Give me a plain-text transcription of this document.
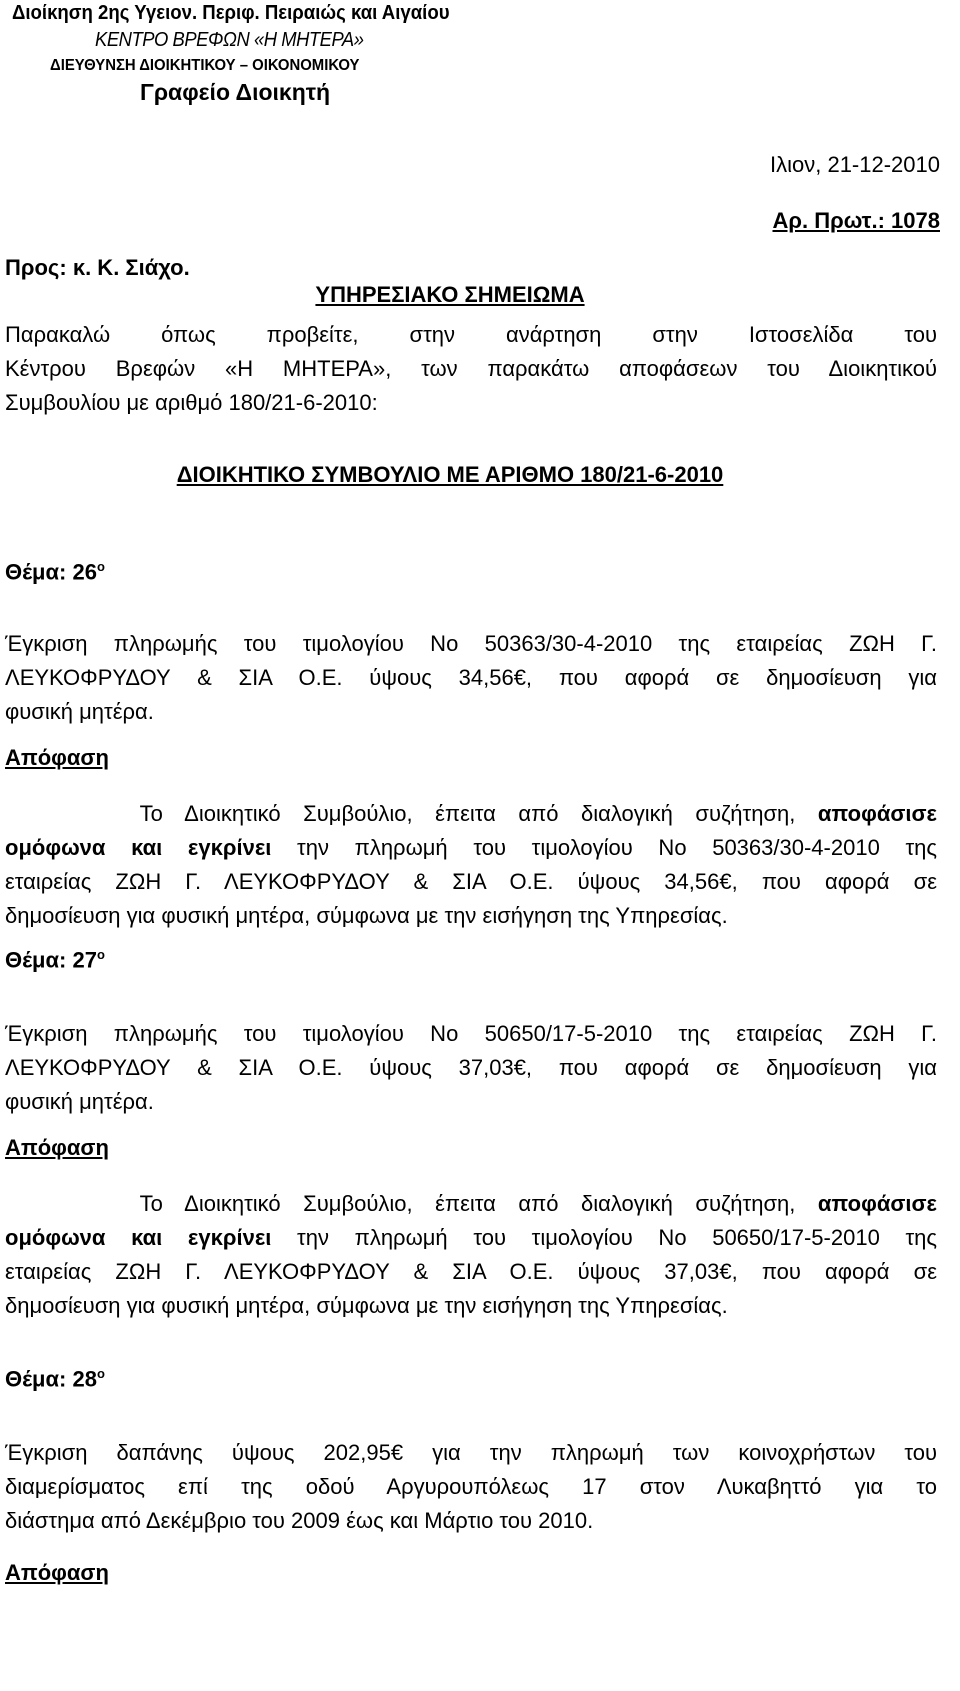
Διοίκηση 2ης Υγειον. Περιφ. Πειραιώς και Αιγαίου
ΚΕΝΤΡΟ ΒΡΕΦΩΝ «Η ΜΗΤΕΡΑ»
ΔΙΕΥΘΥΝΣΗ ΔΙΟΙΚΗΤΙΚΟΥ – ΟΙΚΟΝΟΜΙΚΟΥ
Γραφείο Διοικητή
Ιλιον, 21-12-2010
Αρ. Πρωτ.: 1078
Προς: κ. Κ. Σιάχο.
ΥΠΗΡΕΣΙΑΚΟ ΣΗΜΕΙΩΜΑ
Παρακαλώ όπως προβείτε, στην ανάρτηση στην Ιστοσελίδα του
Κέντρου Βρεφών «Η ΜΗΤΕΡΑ», των παρακάτω αποφάσεων του Διοικητικού
Συμβουλίου με αριθμό 180/21-6-2010:
ΔΙΟΙΚΗΤΙΚΟ ΣΥΜΒΟΥΛΙΟ ΜΕ ΑΡΙΘΜΟ 180/21-6-2010
Θέμα: $26^o$
Έγκριση πληρωμής του τιμολογίου Νο 50363/30-4-2010 της εταιρείας ΖΩΗ Γ.
ΛΕΥΚΟΦΡΥΔΟΥ & ΣΙΑ Ο.Ε. ύψους 34,56€, που αφορά σε δημοσίευση για
φυσική μητέρα.
Απόφαση
Το Διοικητικό Συμβούλιο, έπειτα από διαλογική συζήτηση, αποφάσισε
ομόφωνα και εγκρίνει την πληρωμή του τιμολογίου Νο 50363/30-4-2010 της
εταιρείας ΖΩΗ Γ. ΛΕΥΚΟΦΡΥΔΟΥ & ΣΙΑ Ο.Ε. ύψους 34,56€, που αφορά σε
δημοσίευση για φυσική μητέρα, σύμφωνα με την εισήγηση της Υπηρεσίας.
Θέμα: $27^o$
Έγκριση πληρωμής του τιμολογίου Νο 50650/17-5-2010 της εταιρείας ΖΩΗ Γ.
ΛΕΥΚΟΦΡΥΔΟΥ & ΣΙΑ Ο.Ε. ύψους 37,03€, που αφορά σε δημοσίευση για
φυσική μητέρα.
Απόφαση
Το Διοικητικό Συμβούλιο, έπειτα από διαλογική συζήτηση, αποφάσισε
ομόφωνα και εγκρίνει την πληρωμή του τιμολογίου Νο 50650/17-5-2010 της
εταιρείας ΖΩΗ Γ. ΛΕΥΚΟΦΡΥΔΟΥ & ΣΙΑ Ο.Ε. ύψους 37,03€, που αφορά σε
δημοσίευση για φυσική μητέρα, σύμφωνα με την εισήγηση της Υπηρεσίας.
Θέμα: $28^o$
Έγκριση δαπάνης ύψους 202,95€ για την πληρωμή των κοινοχρήστων του
διαμερίσματος επί της οδού Αργυρουπόλεως 17 στον Λυκαβηττό για το
διάστημα από Δεκέμβριο του 2009 έως και Μάρτιο του 2010.
Απόφαση
